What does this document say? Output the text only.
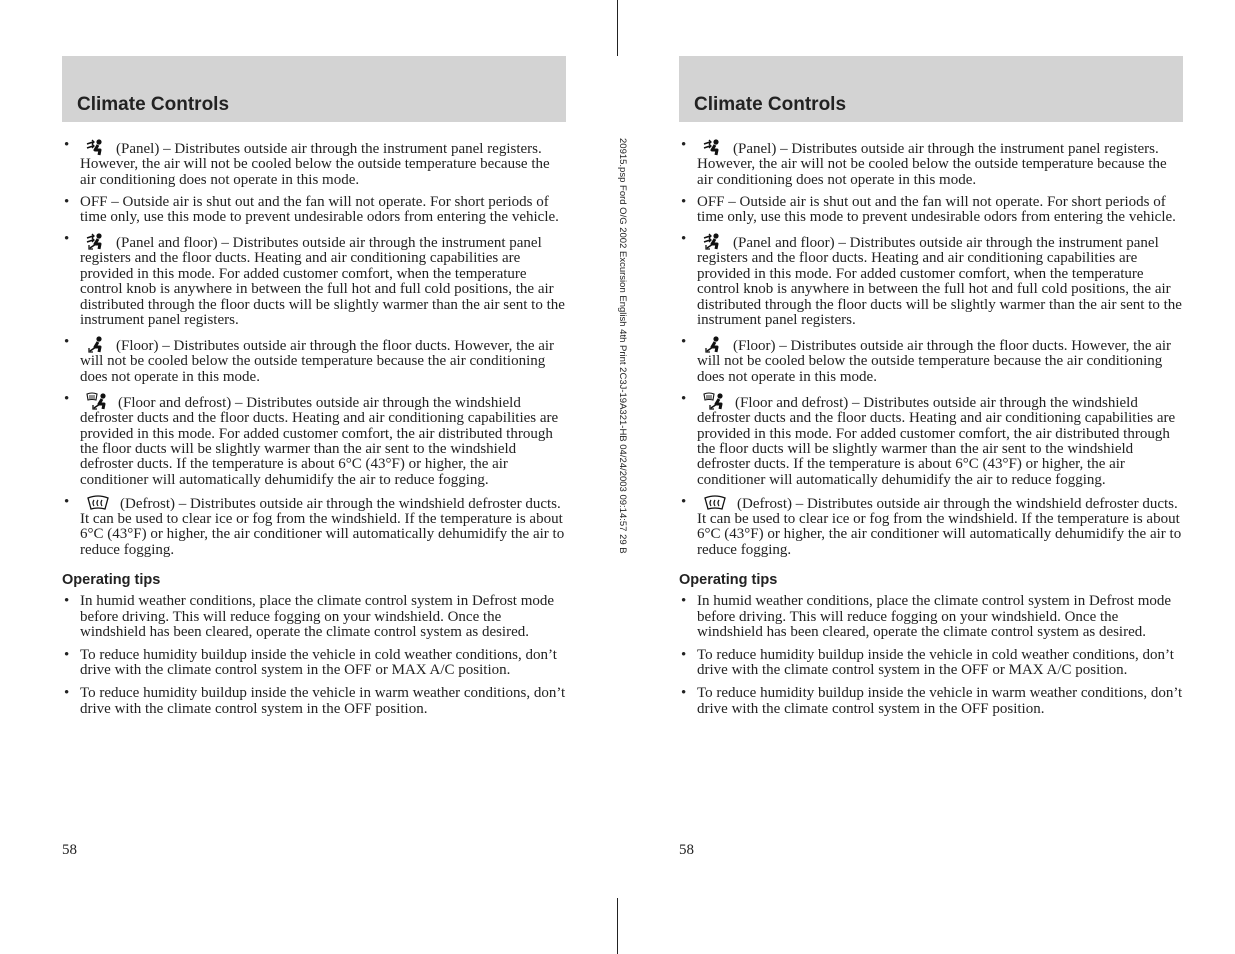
20915.psp Ford O/G 2002 Excursion English 4th Print 2C3J-19A321-HB 04/24/2003 09:14:57 29 B
Climate Controls
• (Panel) – Distributes outside air through the instrument panel registers. However, the air will not be cooled below the outside temperature because the air conditioning does not operate in this mode.
• OFF – Outside air is shut out and the fan will not operate. For short periods of time only, use this mode to prevent undesirable odors from entering the vehicle.
• (Panel and floor) – Distributes outside air through the instrument panel registers and the floor ducts. Heating and air conditioning capabilities are provided in this mode. For added customer comfort, when the temperature control knob is anywhere in between the full hot and full cold positions, the air distributed through the floor ducts will be slightly warmer than the air sent to the instrument panel registers.
• (Floor) – Distributes outside air through the floor ducts. However, the air will not be cooled below the outside temperature because the air conditioning does not operate in this mode.
• (Floor and defrost) – Distributes outside air through the windshield defroster ducts and the floor ducts. Heating and air conditioning capabilities are provided in this mode. For added customer comfort, the air distributed through the floor ducts will be slightly warmer than the air sent to the windshield defroster ducts. If the temperature is about 6°C (43°F) or higher, the air conditioner will automatically dehumidify the air to reduce fogging.
• (Defrost) – Distributes outside air through the windshield defroster ducts. It can be used to clear ice or fog from the windshield. If the temperature is about 6°C (43°F) or higher, the air conditioner will automatically dehumidify the air to reduce fogging.
Operating tips
• In humid weather conditions, place the climate control system in Defrost mode before driving. This will reduce fogging on your windshield. Once the windshield has been cleared, operate the climate control system as desired.
• To reduce humidity buildup inside the vehicle in cold weather conditions, don’t drive with the climate control system in the OFF or MAX A/C position.
• To reduce humidity buildup inside the vehicle in warm weather conditions, don’t drive with the climate control system in the OFF position.
58
Climate Controls
• (Panel) – Distributes outside air through the instrument panel registers. However, the air will not be cooled below the outside temperature because the air conditioning does not operate in this mode.
• OFF – Outside air is shut out and the fan will not operate. For short periods of time only, use this mode to prevent undesirable odors from entering the vehicle.
• (Panel and floor) – Distributes outside air through the instrument panel registers and the floor ducts. Heating and air conditioning capabilities are provided in this mode. For added customer comfort, when the temperature control knob is anywhere in between the full hot and full cold positions, the air distributed through the floor ducts will be slightly warmer than the air sent to the instrument panel registers.
• (Floor) – Distributes outside air through the floor ducts. However, the air will not be cooled below the outside temperature because the air conditioning does not operate in this mode.
• (Floor and defrost) – Distributes outside air through the windshield defroster ducts and the floor ducts. Heating and air conditioning capabilities are provided in this mode. For added customer comfort, the air distributed through the floor ducts will be slightly warmer than the air sent to the windshield defroster ducts. If the temperature is about 6°C (43°F) or higher, the air conditioner will automatically dehumidify the air to reduce fogging.
• (Defrost) – Distributes outside air through the windshield defroster ducts. It can be used to clear ice or fog from the windshield. If the temperature is about 6°C (43°F) or higher, the air conditioner will automatically dehumidify the air to reduce fogging.
Operating tips
• In humid weather conditions, place the climate control system in Defrost mode before driving. This will reduce fogging on your windshield. Once the windshield has been cleared, operate the climate control system as desired.
• To reduce humidity buildup inside the vehicle in cold weather conditions, don’t drive with the climate control system in the OFF or MAX A/C position.
• To reduce humidity buildup inside the vehicle in warm weather conditions, don’t drive with the climate control system in the OFF position.
58
